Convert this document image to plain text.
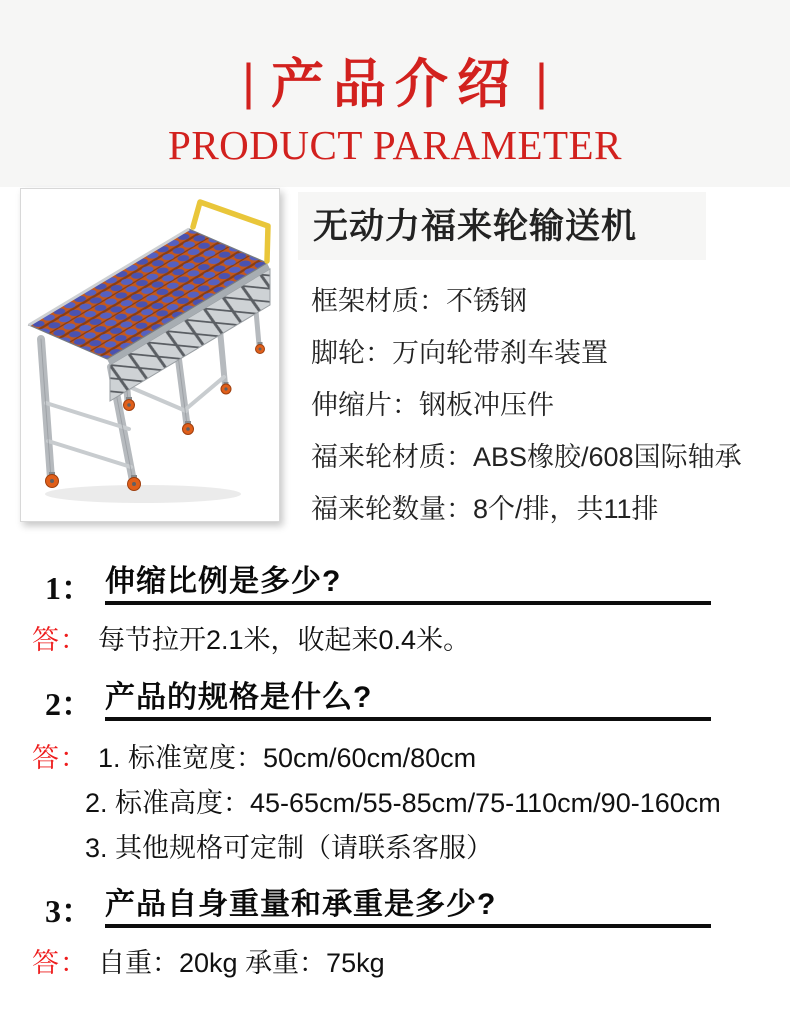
| 产品介绍 |
PRODUCT PARAMETER
无动力福来轮输送机
框架材质：不锈钢
脚轮：万向轮带刹车装置
伸缩片：钢板冲压件
福来轮材质：ABS橡胶/608国际轴承
福来轮数量：8个/排，共11排
1： 伸缩比例是多少?
答： 每节拉开2.1米，收起来0.4米。
2： 产品的规格是什么?
答： 1. 标准宽度：50cm/60cm/80cm
2. 标准高度：45-65cm/55-85cm/75-110cm/90-160cm
3. 其他规格可定制（请联系客服）
3： 产品自身重量和承重是多少?
答： 自重：20kg 承重：75kg
